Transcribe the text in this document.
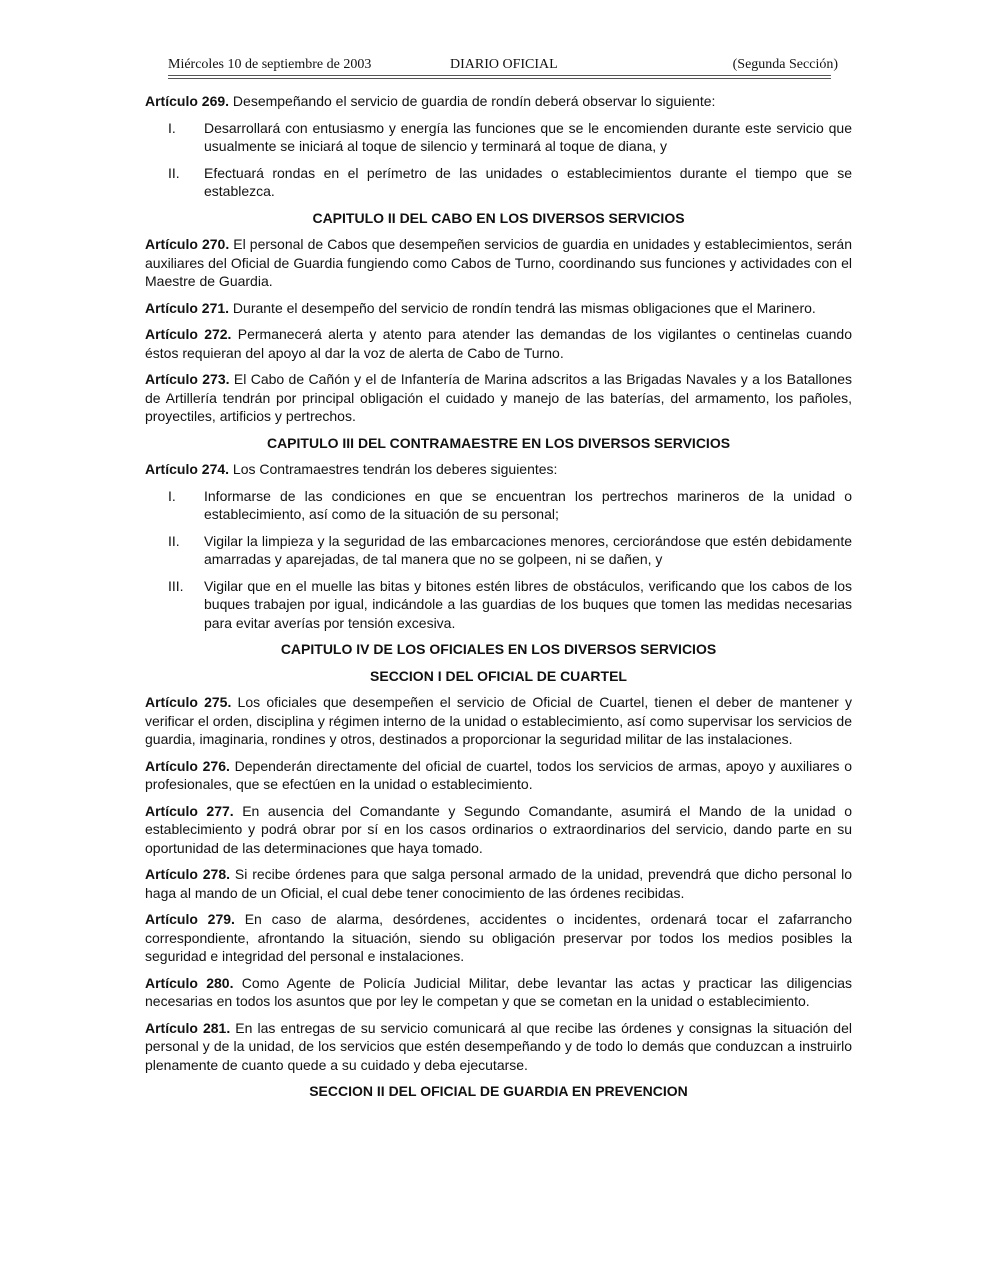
Miércoles 10 de septiembre de 2003	DIARIO OFICIAL	(Segunda Sección)

Artículo 269. Desempeñando el servicio de guardia de rondín deberá observar lo siguiente:

I. Desarrollará con entusiasmo y energía las funciones que se le encomienden durante este servicio que usualmente se iniciará al toque de silencio y terminará al toque de diana, y
II. Efectuará rondas en el perímetro de las unidades o establecimientos durante el tiempo que se establezca.

CAPITULO II DEL CABO EN LOS DIVERSOS SERVICIOS

Artículo 270. El personal de Cabos que desempeñen servicios de guardia en unidades y establecimientos, serán auxiliares del Oficial de Guardia fungiendo como Cabos de Turno, coordinando sus funciones y actividades con el Maestre de Guardia.

Artículo 271. Durante el desempeño del servicio de rondín tendrá las mismas obligaciones que el Marinero.

Artículo 272. Permanecerá alerta y atento para atender las demandas de los vigilantes o centinelas cuando éstos requieran del apoyo al dar la voz de alerta de Cabo de Turno.

Artículo 273. El Cabo de Cañón y el de Infantería de Marina adscritos a las Brigadas Navales y a los Batallones de Artillería tendrán por principal obligación el cuidado y manejo de las baterías, del armamento, los pañoles, proyectiles, artificios y pertrechos.

CAPITULO III DEL CONTRAMAESTRE EN LOS DIVERSOS SERVICIOS

Artículo 274. Los Contramaestres tendrán los deberes siguientes:

I. Informarse de las condiciones en que se encuentran los pertrechos marineros de la unidad o establecimiento, así como de la situación de su personal;
II. Vigilar la limpieza y la seguridad de las embarcaciones menores, cerciorándose que estén debidamente amarradas y aparejadas, de tal manera que no se golpeen, ni se dañen, y
III. Vigilar que en el muelle las bitas y bitones estén libres de obstáculos, verificando que los cabos de los buques trabajen por igual, indicándole a las guardias de los buques que tomen las medidas necesarias para evitar averías por tensión excesiva.

CAPITULO IV DE LOS OFICIALES EN LOS DIVERSOS SERVICIOS

SECCION I DEL OFICIAL DE CUARTEL

Artículo 275. Los oficiales que desempeñen el servicio de Oficial de Cuartel, tienen el deber de mantener y verificar el orden, disciplina y régimen interno de la unidad o establecimiento, así como supervisar los servicios de guardia, imaginaria, rondines y otros, destinados a proporcionar la seguridad militar de las instalaciones.

Artículo 276. Dependerán directamente del oficial de cuartel, todos los servicios de armas, apoyo y auxiliares o profesionales, que se efectúen en la unidad o establecimiento.

Artículo 277. En ausencia del Comandante y Segundo Comandante, asumirá el Mando de la unidad o establecimiento y podrá obrar por sí en los casos ordinarios o extraordinarios del servicio, dando parte en su oportunidad de las determinaciones que haya tomado.

Artículo 278. Si recibe órdenes para que salga personal armado de la unidad, prevendrá que dicho personal lo haga al mando de un Oficial, el cual debe tener conocimiento de las órdenes recibidas.

Artículo 279. En caso de alarma, desórdenes, accidentes o incidentes, ordenará tocar el zafarrancho correspondiente, afrontando la situación, siendo su obligación preservar por todos los medios posibles la seguridad e integridad del personal e instalaciones.

Artículo 280. Como Agente de Policía Judicial Militar, debe levantar las actas y practicar las diligencias necesarias en todos los asuntos que por ley le competan y que se cometan en la unidad o establecimiento.

Artículo 281. En las entregas de su servicio comunicará al que recibe las órdenes y consignas la situación del personal y de la unidad, de los servicios que estén desempeñando y de todo lo demás que conduzcan a instruirlo plenamente de cuanto quede a su cuidado y deba ejecutarse.

SECCION II DEL OFICIAL DE GUARDIA EN PREVENCION
